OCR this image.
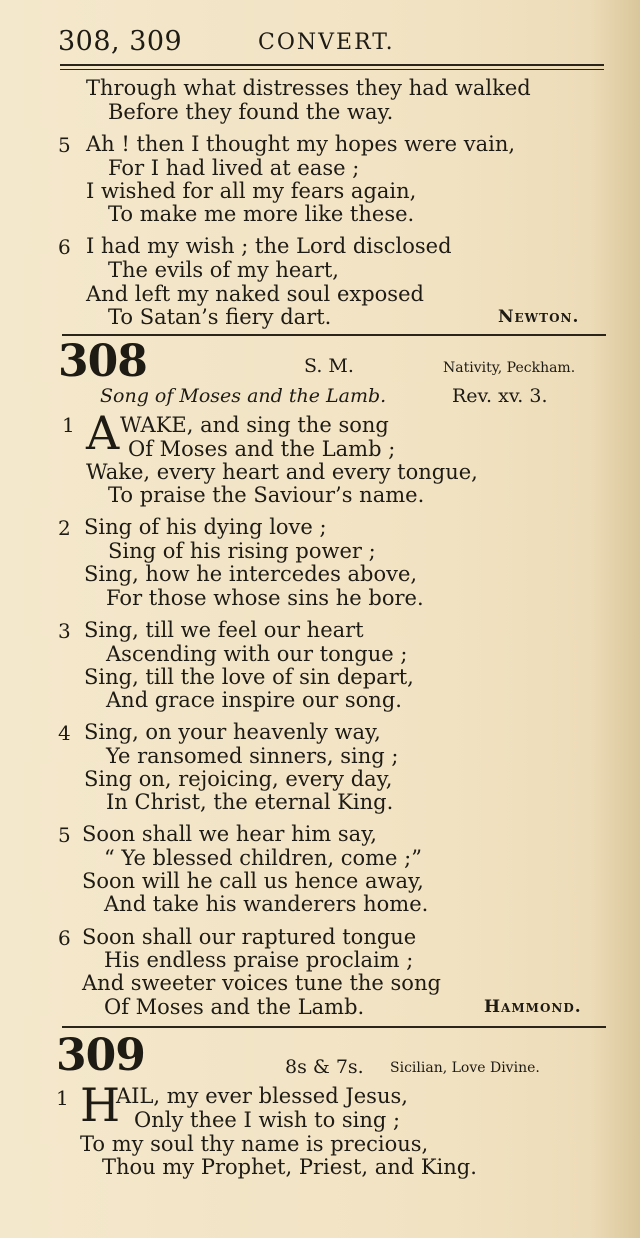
308, 309	CONVERT.
Through what distresses they had walked
Before they found the way.
5 Ah ! then I thought my hopes were vain,
For I had lived at ease ;
I wished for all my fears again,
To make me more like these.
6 I had my wish ; the Lord disclosed
The evils of my heart,
And left my naked soul exposed
To Satan’s fiery dart.	Newton.
308	S. M.	Nativity, Peckham.
Song of Moses and the Lamb.	Rev. xv. 3.
1 A WAKE, and sing the song
Of Moses and the Lamb ;
Wake, every heart and every tongue,
To praise the Saviour’s name.
2 Sing of his dying love ;
Sing of his rising power ;
Sing, how he intercedes above,
For those whose sins he bore.
3 Sing, till we feel our heart
Ascending with our tongue ;
Sing, till the love of sin depart,
And grace inspire our song.
4 Sing, on your heavenly way,
Ye ransomed sinners, sing ;
Sing on, rejoicing, every day,
In Christ, the eternal King.
5 Soon shall we hear him say,
“ Ye blessed children, come ;”
Soon will he call us hence away,
And take his wanderers home.
6 Soon shall our raptured tongue
His endless praise proclaim ;
And sweeter voices tune the song
Of Moses and the Lamb.	Hammond.
309	8s & 7s. Sicilian, Love Divine.
1 H
AIL, my ever blessed Jesus,
Only thee I wish to sing ;
To my soul thy name is precious,
Thou my Prophet, Priest, and King.
